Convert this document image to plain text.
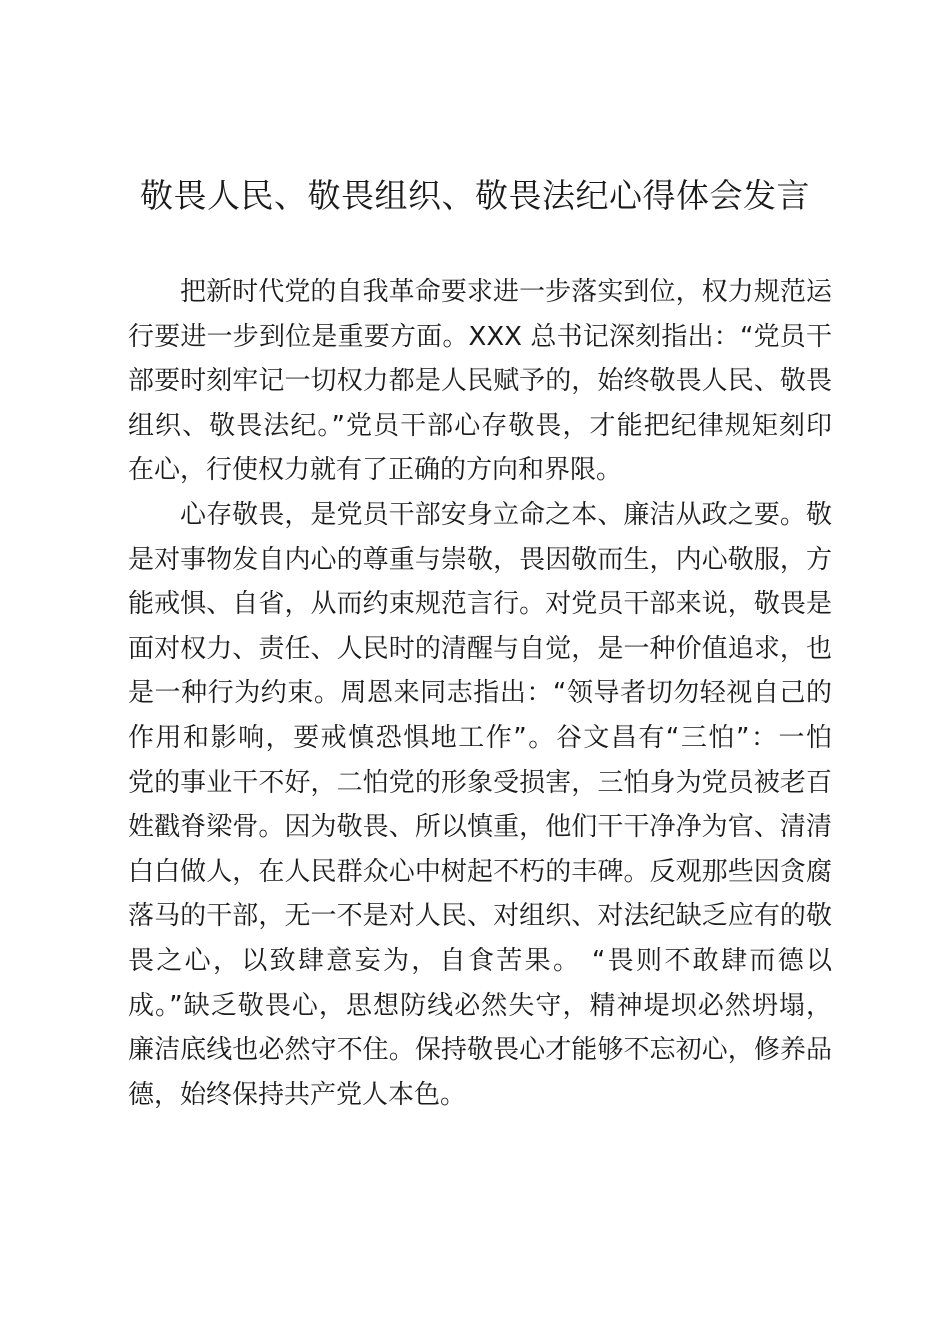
敬畏人民、敬畏组织、敬畏法纪心得体会发言
把新时代党的自我革命要求进一步落实到位，权力规范运
行要进一步到位是重要方面。XXX 总书记深刻指出：“党员干
部要时刻牢记一切权力都是人民赋予的，始终敬畏人民、敬畏
组织、敬畏法纪。”党员干部心存敬畏，才能把纪律规矩刻印
在心，行使权力就有了正确的方向和界限。
心存敬畏，是党员干部安身立命之本、廉洁从政之要。敬
是对事物发自内心的尊重与崇敬，畏因敬而生，内心敬服，方
能戒惧、自省，从而约束规范言行。对党员干部来说，敬畏是
面对权力、责任、人民时的清醒与自觉，是一种价值追求，也
是一种行为约束。周恩来同志指出：“领导者切勿轻视自己的
作用和影响，要戒慎恐惧地工作”。谷文昌有“三怕”：一怕
党的事业干不好，二怕党的形象受损害，三怕身为党员被老百
姓戳脊梁骨。因为敬畏、所以慎重，他们干干净净为官、清清
白白做人，在人民群众心中树起不朽的丰碑。反观那些因贪腐
落马的干部，无一不是对人民、对组织、对法纪缺乏应有的敬
畏之心，以致肆意妄为，自食苦果。 “畏则不敢肆而德以
成。”缺乏敬畏心，思想防线必然失守，精神堤坝必然坍塌，
廉洁底线也必然守不住。保持敬畏心才能够不忘初心，修养品
德，始终保持共产党人本色。
